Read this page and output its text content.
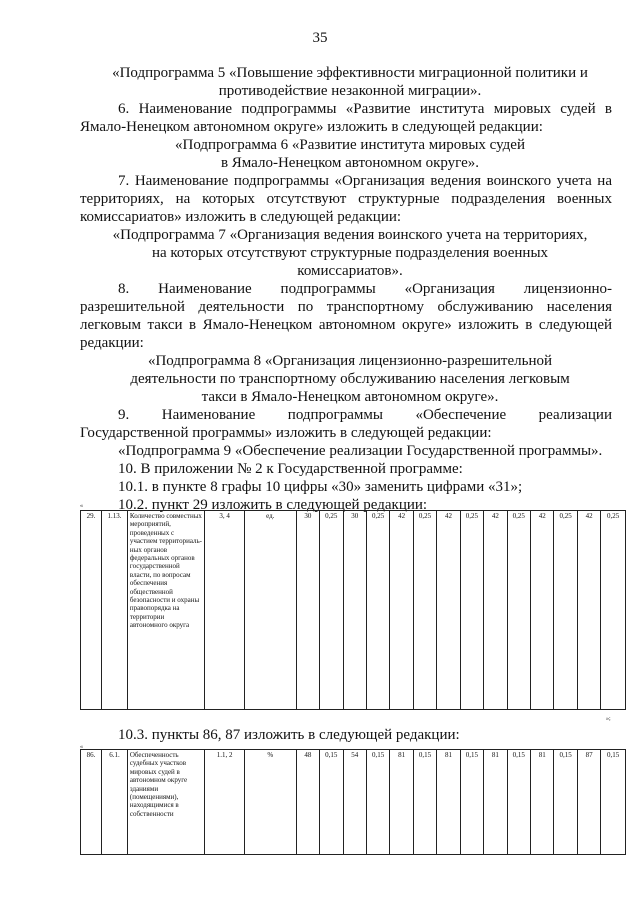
35
«Подпрограмма 5 «Повышение эффективности миграционной политики и
противодействие незаконной миграции».
6. Наименование подпрограммы «Развитие института мировых судей в
Ямало-Ненецком автономном округе» изложить в следующей редакции:
«Подпрограмма 6 «Развитие института мировых судей
в Ямало-Ненецком автономном округе».
7. Наименование подпрограммы «Организация ведения воинского учета на
территориях, на которых отсутствуют структурные подразделения военных
комиссариатов» изложить в следующей редакции:
«Подпрограмма 7 «Организация ведения воинского учета на территориях,
на которых отсутствуют структурные подразделения военных
комиссариатов».
8. Наименование подпрограммы «Организация лицензионно-
разрешительной деятельности по транспортному обслуживанию населения
легковым такси в Ямало-Ненецком автономном округе» изложить в следующей
редакции:
«Подпрограмма 8 «Организация лицензионно-разрешительной
деятельности по транспортному обслуживанию населения легковым
такси в Ямало-Ненецком автономном округе».
9. Наименование подпрограммы «Обеспечение реализации
Государственной программы» изложить в следующей редакции:
«Подпрограмма 9 «Обеспечение реализации Государственной программы».
10. В приложении № 2 к Государственной программе:
10.1. в пункте 8 графы 10 цифры «30» заменить цифрами «31»;
10.2. пункт 29 изложить в следующей редакции:
«
29.	1.13.	Количество совместных мероприятий, проведенных с участием территориаль-ных органов федеральных органов государственной власти, по вопросам обеспечения общественной безопасности и охраны правопорядка на территории автономного округа	3, 4	ед.	30	0,25	30	0,25	42	0,25	42	0,25	42	0,25	42	0,25	42	0,25
»;
10.3. пункты 86, 87 изложить в следующей редакции:
«
86.	6.1.	Обеспеченность судебных участков мировых судей в автономном округе зданиями (помещениями), находящимися в собственности	1.1, 2	%	48	0,15	54	0,15	81	0,15	81	0,15	81	0,15	81	0,15	87	0,15
